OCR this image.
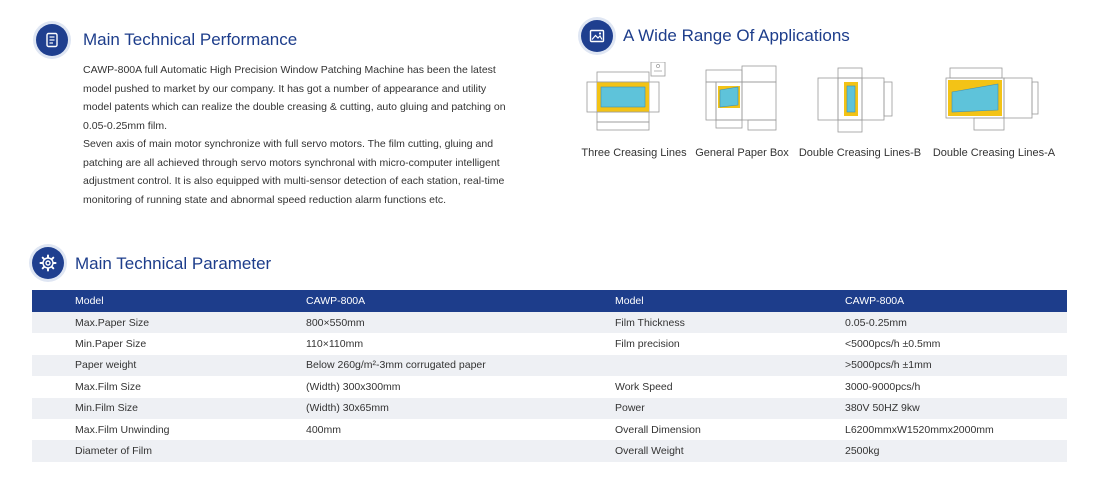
Main Technical Performance

CAWP-800A full Automatic High Precision Window Patching Machine has been the latest model pushed to market by our company. It has got a number of appearance and utility model patents which can realize the double creasing & cutting, auto gluing and patching on 0.05-0.25mm film.

Seven axis of main motor synchronize with full servo motors. The film cutting, gluing and patching are all achieved through servo motors synchronal with micro-computer intelligent adjustment control. It is also equipped with multi-sensor detection of each station, real-time monitoring of running state and abnormal speed reduction alarm functions etc.

A Wide Range Of Applications
Three Creasing Lines General Paper Box Double Creasing Lines-B Double Creasing Lines-A
Main Technical Parameter
Model	CAWP-800A	Model	CAWP-800A
Max.Paper Size	800×550mm	Film Thickness	0.05-0.25mm
Min.Paper Size	110×110mm	Film precision	<5000pcs/h ±0.5mm
Paper weight	Below 260g/m²-3mm corrugated paper		>5000pcs/h ±1mm
Max.Film Size	(Width) 300x300mm	Work Speed	3000-9000pcs/h
Min.Film Size	(Width) 30x65mm	Power	380V 50HZ 9kw
Max.Film Unwinding	400mm	Overall Dimension	L6200mmxW1520mmx2000mm
Diameter of Film		Overall Weight	2500kg
